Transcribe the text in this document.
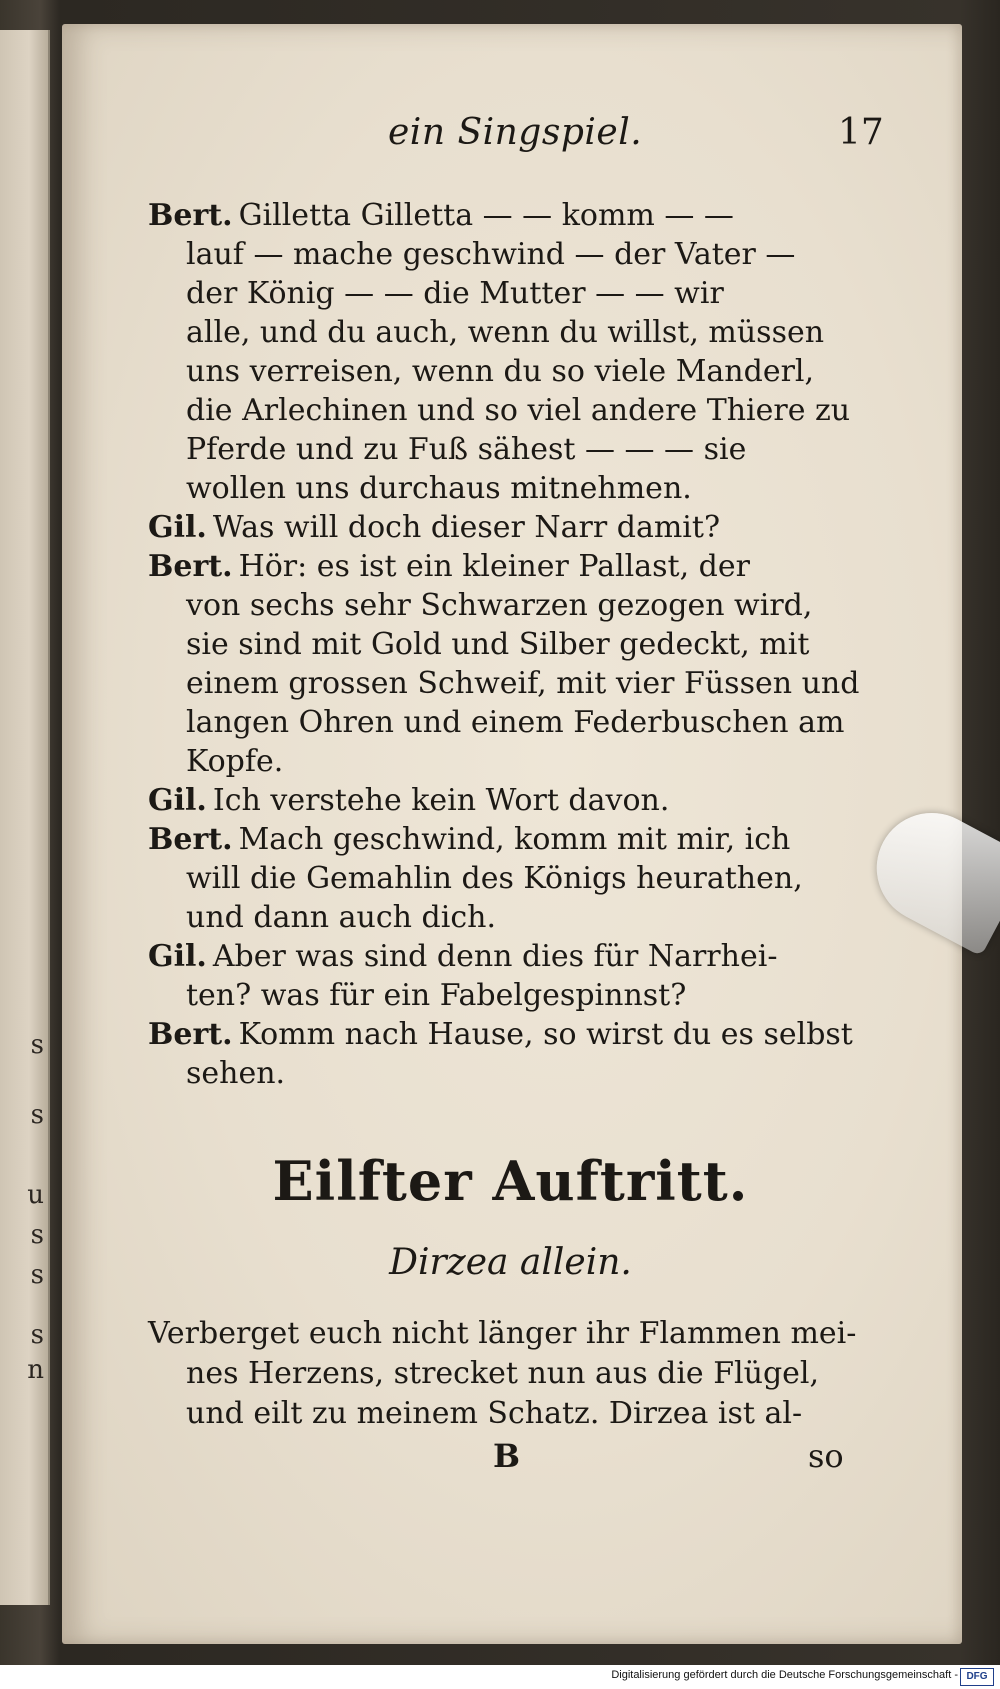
s
s
u
s
s
s
n
ein Singspiel.	17
Bert. Gilletta Gilletta — — komm — —
lauf — mache geschwind — der Vater —
der König — — die Mutter — — wir
alle, und du auch, wenn du willst, müssen
uns verreisen, wenn du so viele Manderl,
die Arlechinen und so viel andere Thiere zu
Pferde und zu Fuß sähest — — — sie
wollen uns durchaus mitnehmen.
Gil. Was will doch dieser Narr damit?
Bert. Hör: es ist ein kleiner Pallast, der
von sechs sehr Schwarzen gezogen wird,
sie sind mit Gold und Silber gedeckt, mit
einem grossen Schweif, mit vier Füssen und
langen Ohren und einem Federbuschen am
Kopfe.
Gil. Ich verstehe kein Wort davon.
Bert. Mach geschwind, komm mit mir, ich
will die Gemahlin des Königs heurathen,
und dann auch dich.
Gil. Aber was sind denn dies für Narrhei-
ten? was für ein Fabelgespinnst?
Bert. Komm nach Hause, so wirst du es selbst
sehen.
Eilfter Auftritt.
Dirzea allein.
Verberget euch nicht länger ihr Flammen mei-
nes Herzens, strecket nun aus die Flügel,
und eilt zu meinem Schatz. Dirzea ist al-
B	so
Digitalisierung gefördert durch die Deutsche Forschungsgemeinschaft - DFG
